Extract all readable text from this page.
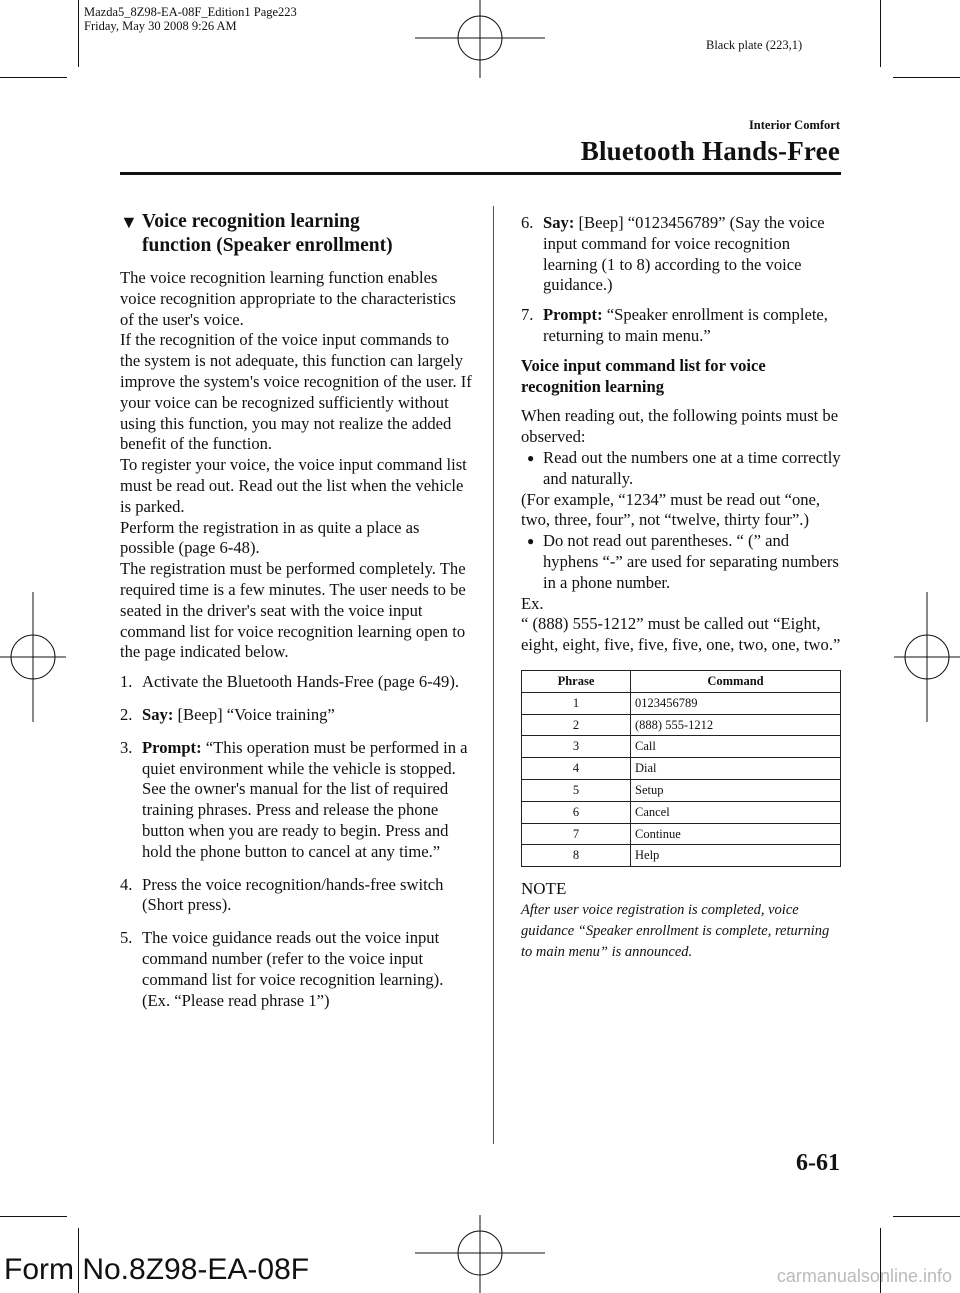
Mazda5_8Z98-EA-08F_Edition1 Page223
Friday, May 30 2008 9:26 AM
Black plate (223,1)
Interior Comfort
Bluetooth Hands-Free
▼ Voice recognition learning
function (Speaker enrollment)
The voice recognition learning function enables voice recognition appropriate to the characteristics of the user's voice.
If the recognition of the voice input commands to the system is not adequate, this function can largely improve the system's voice recognition of the user. If your voice can be recognized sufficiently without using this function, you may not realize the added benefit of the function.
To register your voice, the voice input command list must be read out. Read out the list when the vehicle is parked.
Perform the registration in as quite a place as possible (page 6-48).
The registration must be performed completely. The required time is a few minutes. The user needs to be seated in the driver's seat with the voice input command list for voice recognition learning open to the page indicated below.
1. Activate the Bluetooth Hands-Free (page 6-49).
2. Say: [Beep] “Voice training”
3. Prompt: “This operation must be performed in a quiet environment while the vehicle is stopped. See the owner's manual for the list of required training phrases. Press and release the phone button when you are ready to begin. Press and hold the phone button to cancel at any time.”
4. Press the voice recognition/hands-free switch (Short press).
5. The voice guidance reads out the voice input command number (refer to the voice input command list for voice recognition learning). (Ex. “Please read phrase 1”)
6. Say: [Beep] “0123456789” (Say the voice input command for voice recognition learning (1 to 8) according to the voice guidance.)
7. Prompt: “Speaker enrollment is complete, returning to main menu.”
Voice input command list for voice recognition learning
When reading out, the following points must be observed:
● Read out the numbers one at a time correctly and naturally.
(For example, “1234” must be read out “one, two, three, four”, not “twelve, thirty four”.)
● Do not read out parentheses. “ (” and hyphens “-” are used for separating numbers in a phone number.
Ex.
“ (888) 555-1212” must be called out “Eight, eight, eight, five, five, five, one, two, one, two.”
Phrase	Command
1	0123456789
2	(888) 555-1212
3	Call
4	Dial
5	Setup
6	Cancel
7	Continue
8	Help
NOTE
After user voice registration is completed, voice guidance “Speaker enrollment is complete, returning to main menu” is announced.
6-61
Form No.8Z98-EA-08F	carmanualsonline.info
